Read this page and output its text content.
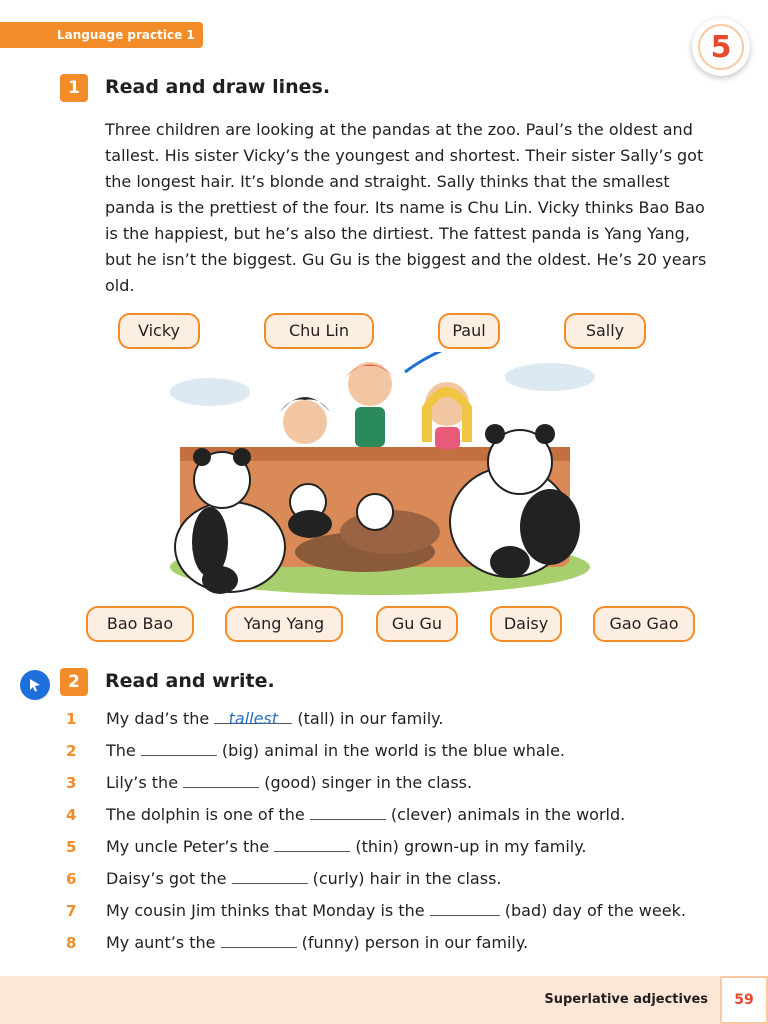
Language practice 1	5
1	Read and draw lines.
Three children are looking at the pandas at the zoo. Paul’s the oldest and tallest. His sister Vicky’s the youngest and shortest. Their sister Sally’s got the longest hair. It’s blonde and straight. Sally thinks that the smallest panda is the prettiest of the four. Its name is Chu Lin. Vicky thinks Bao Bao is the happiest, but he’s also the dirtiest. The fattest panda is Yang Yang, but he isn’t the biggest. Gu Gu is the biggest and the oldest. He’s 20 years old.
Vicky	Chu Lin	Paul	Sally
Bao Bao	Yang Yang	Gu Gu	Daisy	Gao Gao
2	Read and write.
1 My dad’s the tallest (tall) in our family.
2 The	(big) animal in the world is the blue whale.
3 Lily’s the	(good) singer in the class.
4 The dolphin is one of the	(clever) animals in the world.
5 My uncle Peter’s the	(thin) grown-up in my family.
6 Daisy’s got the	(curly) hair in the class.
7 My cousin Jim thinks that Monday is the	(bad) day of the week.
8 My aunt’s the	(funny) person in our family.
Superlative adjectives	59
